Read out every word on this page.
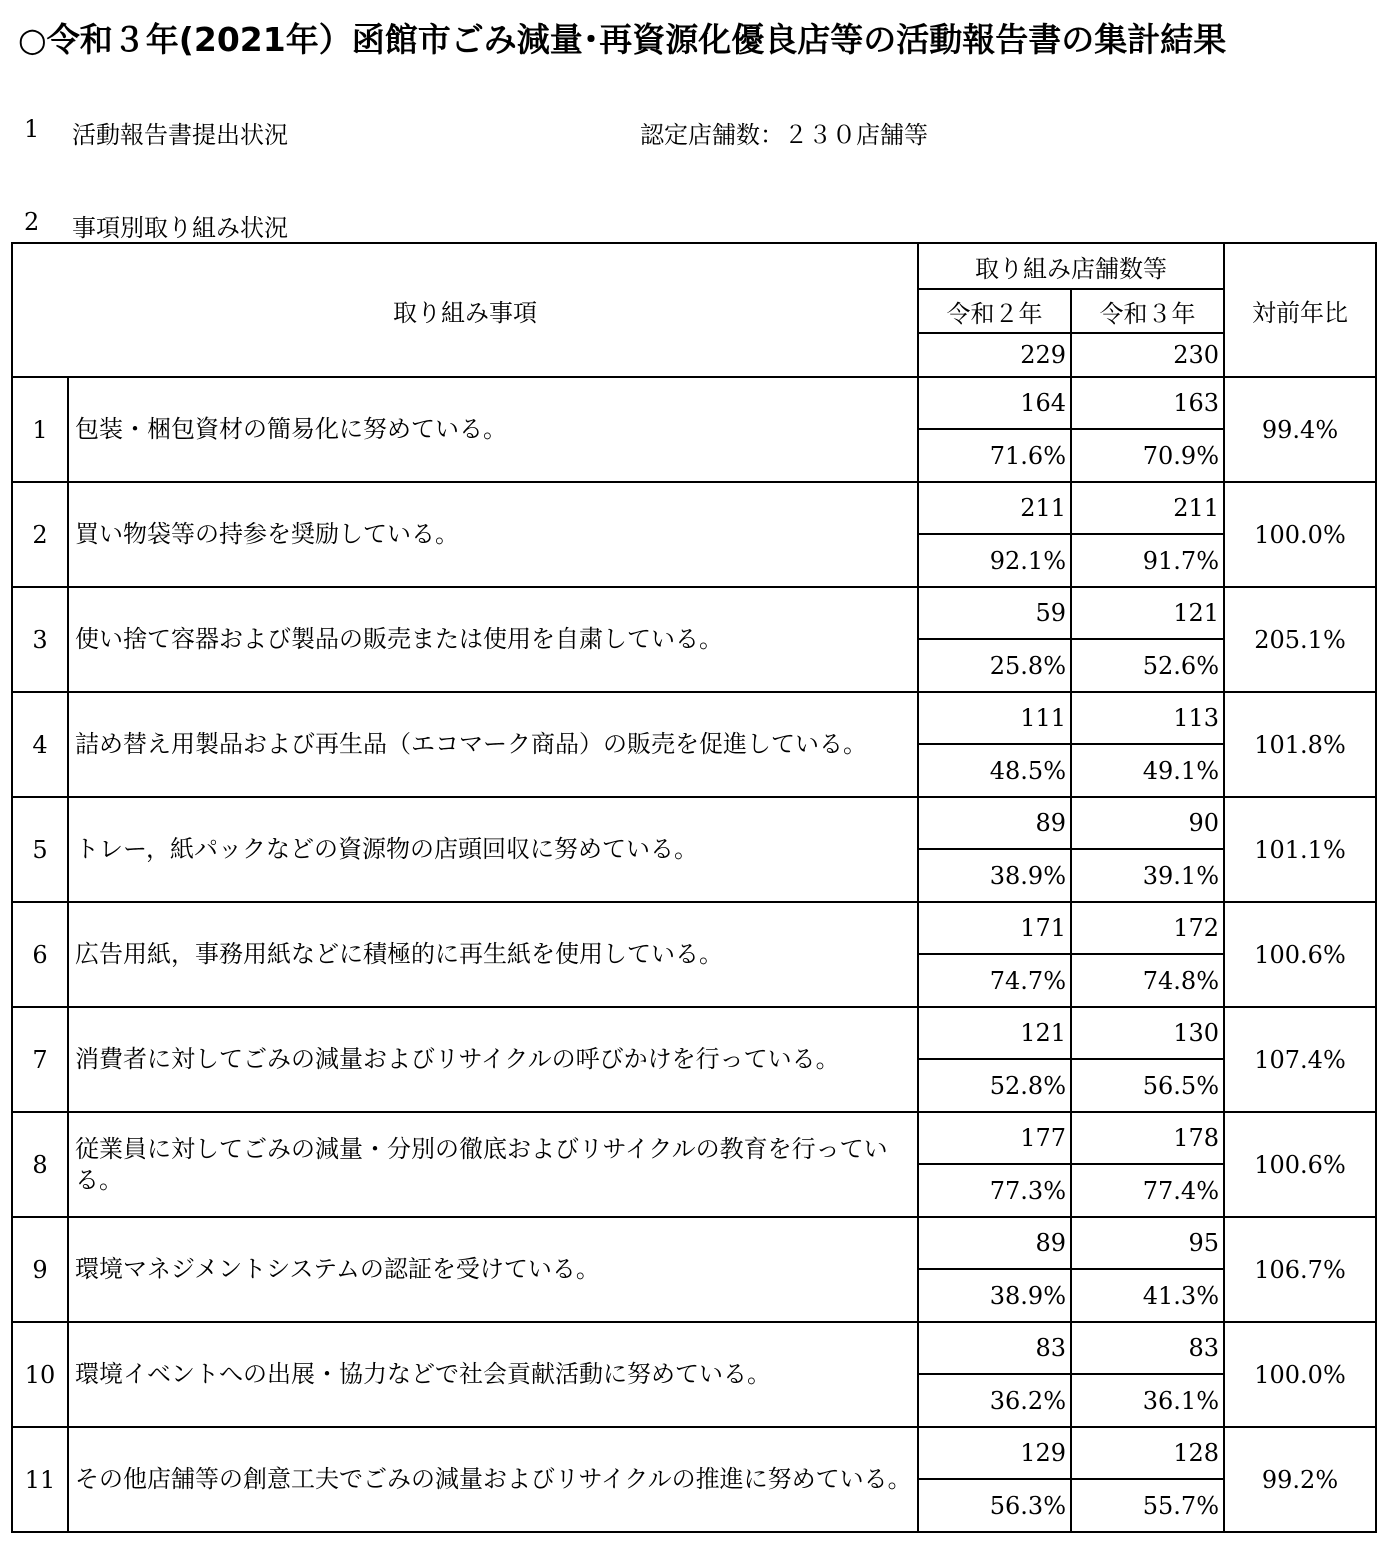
○令和３年(2021年）函館市ごみ減量･再資源化優良店等の活動報告書の集計結果
1 活動報告書提出状況	認定店舗数：２３０店舗等
2 事項別取り組み状況
取り組み事項		取り組み店舗数等		対前年比
		令和２年	令和３年	
		229	230	
1	包装・梱包資材の簡易化に努めている。	164	163	99.4%
		71.6%	70.9%	
2	買い物袋等の持参を奨励している。	211	211	100.0%
		92.1%	91.7%	
3	使い捨て容器および製品の販売または使用を自粛している。	59	121	205.1%
		25.8%	52.6%	
4	詰め替え用製品および再生品（エコマーク商品）の販売を促進している。	111	113	101.8%
		48.5%	49.1%	
5	トレー，紙パックなどの資源物の店頭回収に努めている。	89	90	101.1%
		38.9%	39.1%	
6	広告用紙，事務用紙などに積極的に再生紙を使用している。	171	172	100.6%
		74.7%	74.8%	
7	消費者に対してごみの減量およびリサイクルの呼びかけを行っている。	121	130	107.4%
		52.8%	56.5%	
8	従業員に対してごみの減量・分別の徹底およびリサイクルの教育を行っている。	177	178	100.6%
		77.3%	77.4%	
9	環境マネジメントシステムの認証を受けている。	89	95	106.7%
		38.9%	41.3%	
10	環境イベントへの出展・協力などで社会貢献活動に努めている。	83	83	100.0%
		36.2%	36.1%	
11	その他店舗等の創意工夫でごみの減量およびリサイクルの推進に努めている。	129	128	99.2%
		56.3%	55.7%	
